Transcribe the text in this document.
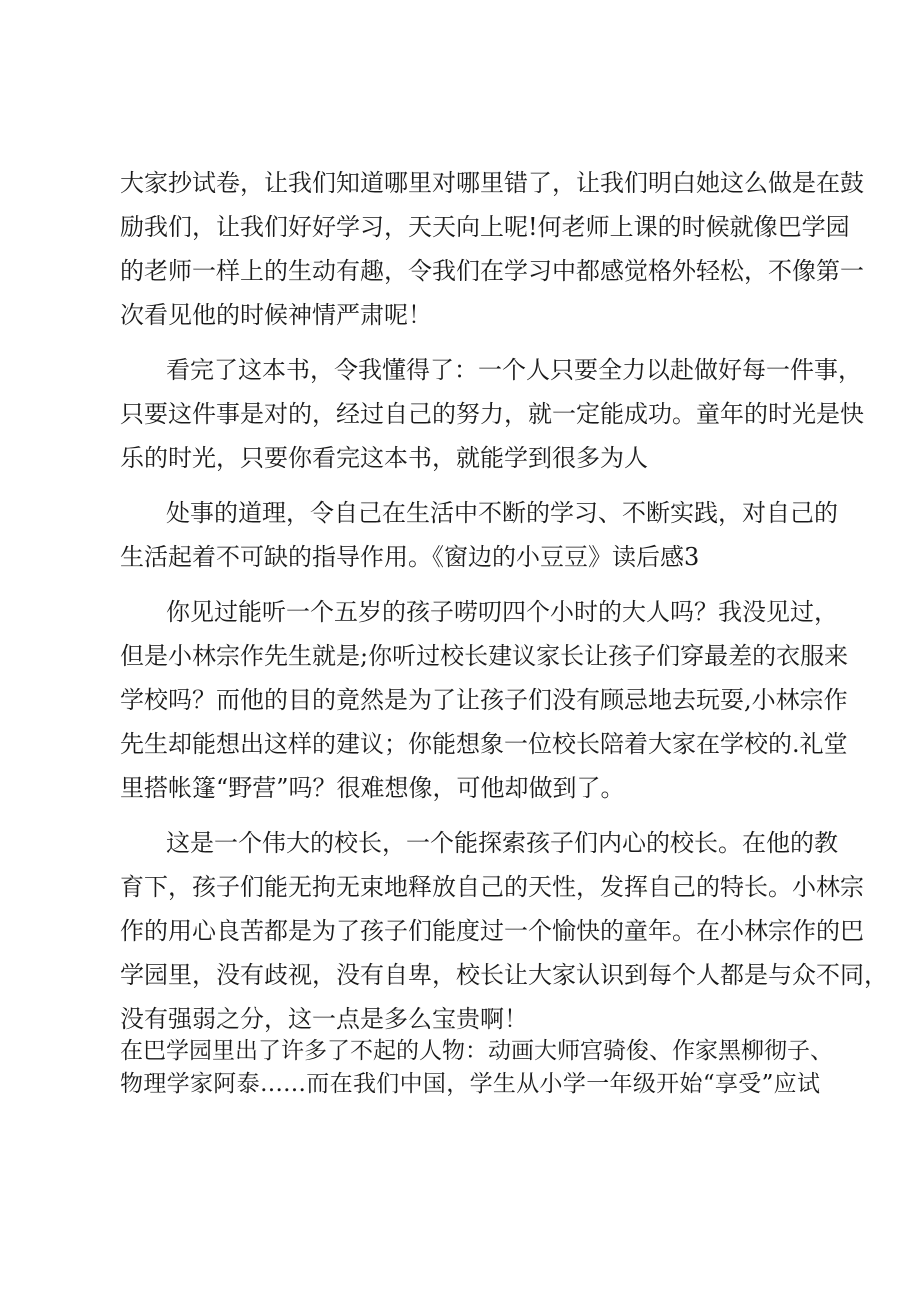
大家抄试卷，让我们知道哪里对哪里错了，让我们明白她这么做是在鼓
励我们，让我们好好学习，天天向上呢!何老师上课的时候就像巴学园
的老师一样上的生动有趣，令我们在学习中都感觉格外轻松，不像第一
次看见他的时候神情严肃呢！
看完了这本书，令我懂得了：一个人只要全力以赴做好每一件事，
只要这件事是对的，经过自己的努力，就一定能成功。童年的时光是快
乐的时光，只要你看完这本书，就能学到很多为人
处事的道理，令自己在生活中不断的学习、不断实践，对自己的
生活起着不可缺的指导作用。《窗边的小豆豆》读后感3
你见过能听一个五岁的孩子唠叨四个小时的大人吗？我没见过，
但是小林宗作先生就是;你听过校长建议家长让孩子们穿最差的衣服来
学校吗？而他的目的竟然是为了让孩子们没有顾忌地去玩耍,小林宗作
先生却能想出这样的建议；你能想象一位校长陪着大家在学校的.礼堂
里搭帐篷“野营”吗？很难想像，可他却做到了。
这是一个伟大的校长，一个能探索孩子们内心的校长。在他的教
育下，孩子们能无拘无束地释放自己的天性，发挥自己的特长。小林宗
作的用心良苦都是为了孩子们能度过一个愉快的童年。在小林宗作的巴
学园里，没有歧视，没有自卑，校长让大家认识到每个人都是与众不同，
没有强弱之分，这一点是多么宝贵啊！
在巴学园里出了许多了不起的人物：动画大师宫骑俊、作家黑柳彻子、
物理学家阿泰……而在我们中国，学生从小学一年级开始“享受”应试
